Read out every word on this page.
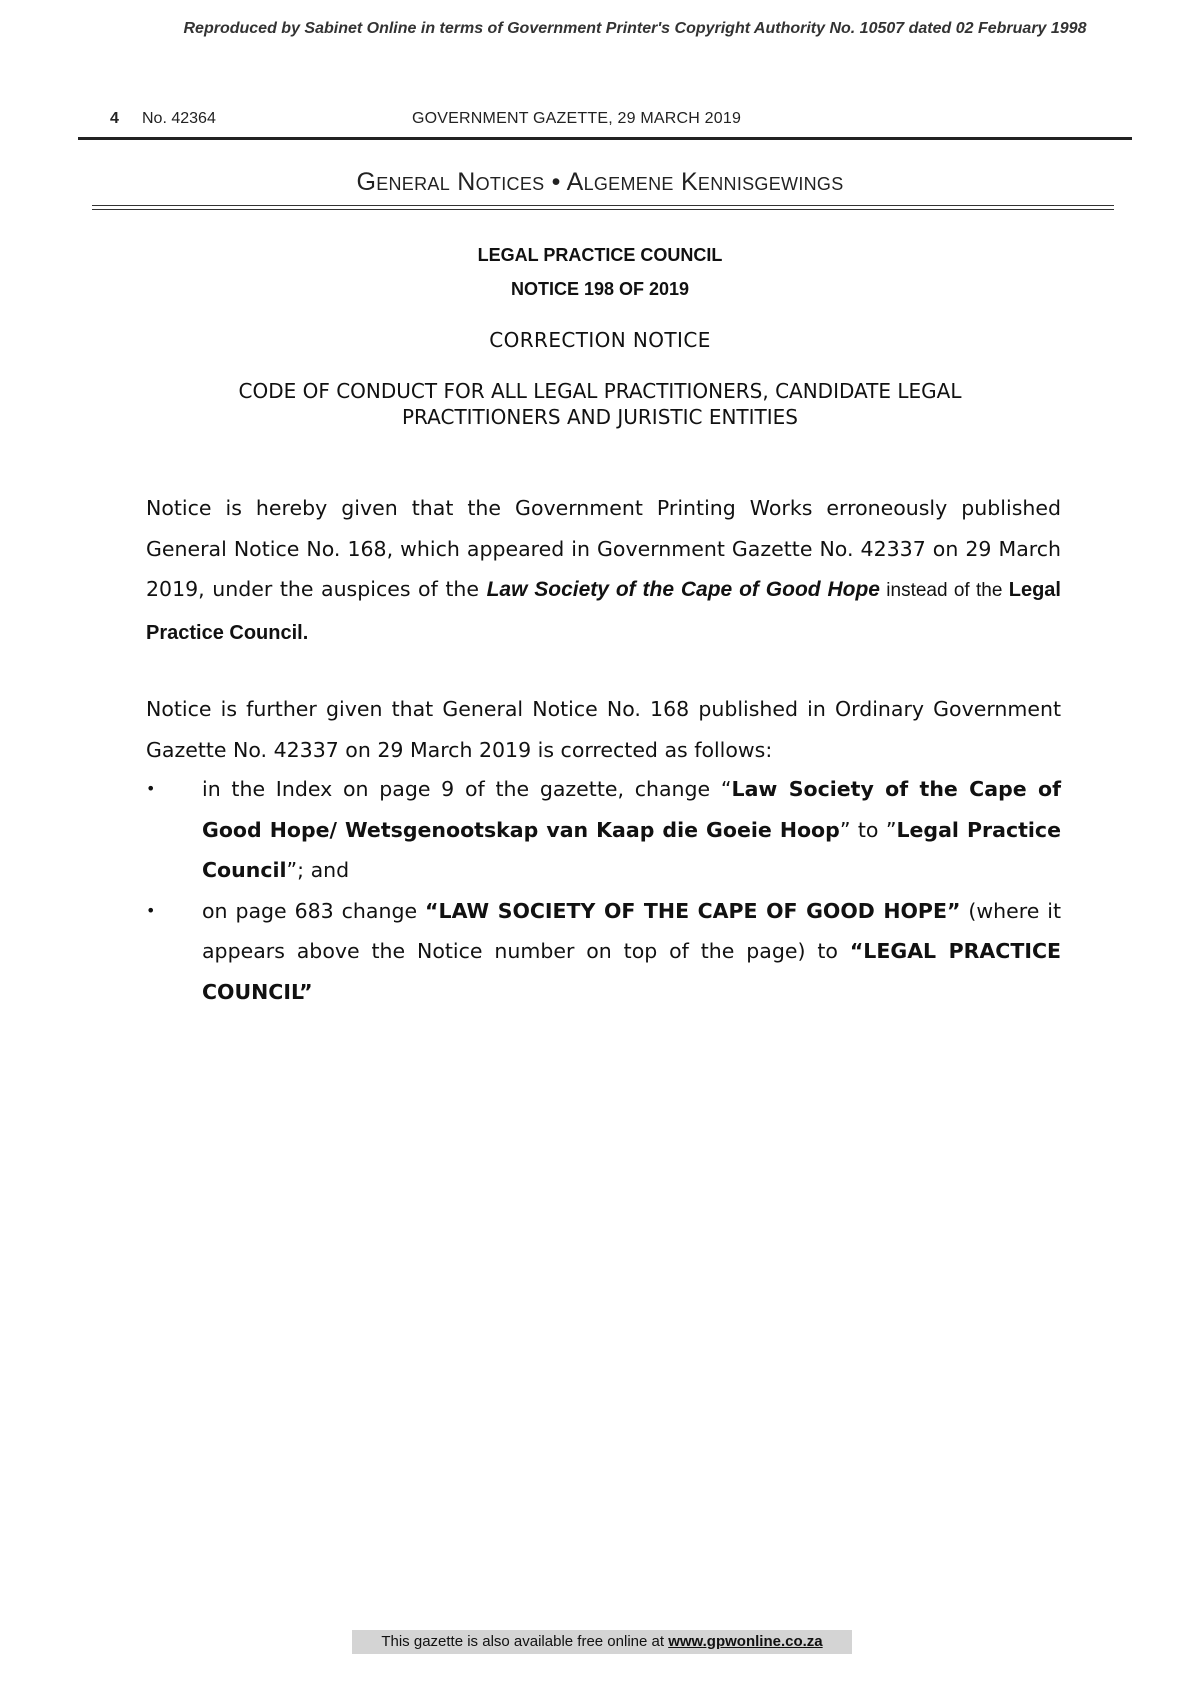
Reproduced by Sabinet Online in terms of Government Printer's Copyright Authority No. 10507 dated 02 February 1998
4 No. 42364	GOVERNMENT GAZETTE, 29 MARCH 2019
General Notices • Algemene Kennisgewings
LEGAL PRACTICE COUNCIL
NOTICE 198 OF 2019
CORRECTION NOTICE
CODE OF CONDUCT FOR ALL LEGAL PRACTITIONERS, CANDIDATE LEGAL
PRACTITIONERS AND JURISTIC ENTITIES
Notice is hereby given that the Government Printing Works erroneously published General Notice No. 168, which appeared in Government Gazette No. 42337 on 29 March 2019, under the auspices of the Law Society of the Cape of Good Hope instead of the Legal Practice Council.
Notice is further given that General Notice No. 168 published in Ordinary Government Gazette No. 42337 on 29 March 2019 is corrected as follows:
• in the Index on page 9 of the gazette, change “Law Society of the Cape of Good Hope/ Wetsgenootskap van Kaap die Goeie Hoop” to ”Legal Practice Council”; and
• on page 683 change “LAW SOCIETY OF THE CAPE OF GOOD HOPE” (where it appears above the Notice number on top of the page) to “LEGAL PRACTICE COUNCIL”
This gazette is also available free online at www.gpwonline.co.za
